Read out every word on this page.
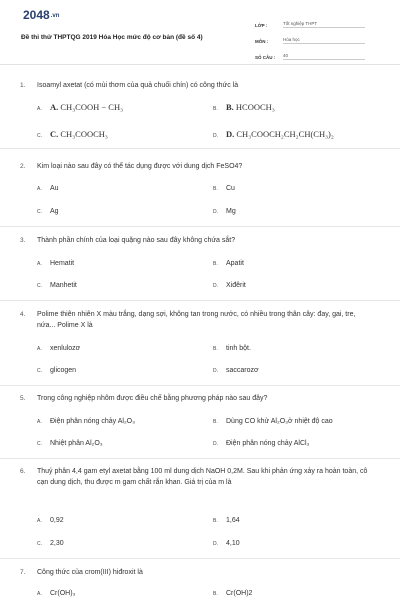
2048.vn
Đề thi thử THPTQG 2019 Hóa Học mức độ cơ bản (đề số 4)
LỚP :	Tốt nghiệp THPT
MÔN :	Hóa học
SỐ CÂU :	40
1. Isoamyl axetat (có mùi thơm của quả chuối chín) có công thức là
A. A. CH₃COOH − CH₃	B. B. HCOOCH₃
C. C. CH₃COOCH₃	D. D. CH₃COOCH₂CH₂CH(CH₃)₂
2. Kim loại nào sau đây có thể tác dụng được với dung dịch FeSO4?
A. Au	B. Cu
C. Ag	D. Mg
3. Thành phần chính của loại quặng nào sau đây không chứa sắt?
A. Hematit	B. Apatit
C. Manhetit	D. Xiđêrit
4. Polime thiên nhiên X màu trắng, dạng sợi, không tan trong nước, có nhiều trong thân cây: đay, gai, tre, nứa... Polime X là
A. xenlulozơ	B. tinh bột.
C. glicogen	D. saccarozơ
5. Trong công nghiệp nhôm được điều chế bằng phương pháp nào sau đây?
A. Điện phân nóng chảy Al₂O₃	B. Dùng CO khử Al₂O₃ở nhiệt độ cao
C. Nhiệt phân Al₂O₃	D. Điện phân nóng chảy AlCl₃
6. Thuỷ phân 4,4 gam etyl axetat bằng 100 ml dung dịch NaOH 0,2M. Sau khi phản ứng xảy ra hoàn toàn, cô cạn dung dịch, thu được m gam chất rắn khan. Giá trị của m là
A. 0,92	B. 1,64
C. 2,30	D. 4,10
7. Công thức của crom(III) hiđroxit là
A. Cr(OH)₃	B. Cr(OH)2
